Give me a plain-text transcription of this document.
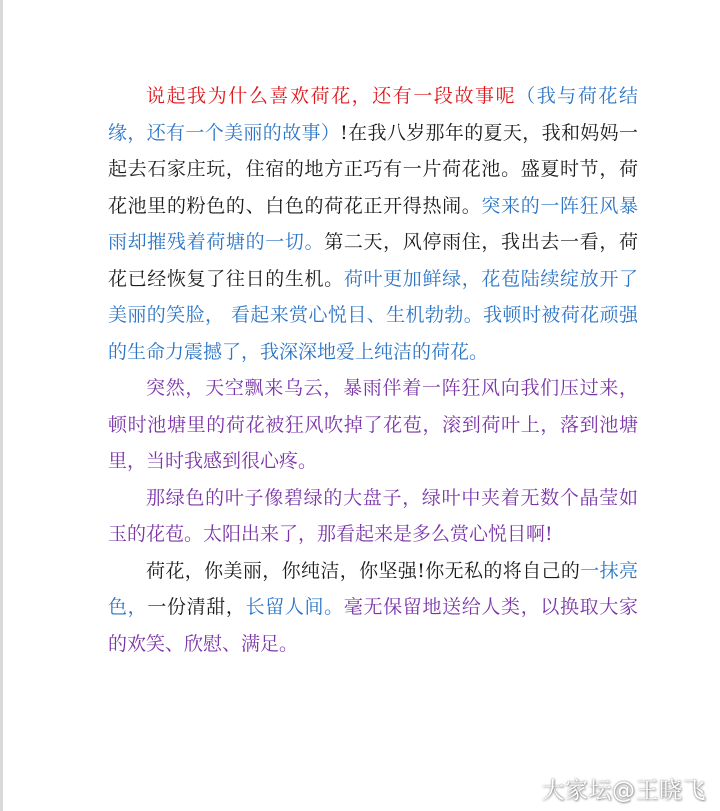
说起我为什么喜欢荷花，还有一段故事呢（我与荷花结缘，还有一个美丽的故事）!在我八岁那年的夏天，我和妈妈一起去石家庄玩，住宿的地方正巧有一片荷花池。盛夏时节，荷花池里的粉色的、白色的荷花正开得热闹。突来的一阵狂风暴雨却摧残着荷塘的一切。第二天，风停雨住，我出去一看，荷花已经恢复了往日的生机。荷叶更加鲜绿，花苞陆续绽放开了美丽的笑脸， 看起来赏心悦目、生机勃勃。我顿时被荷花顽强的生命力震撼了，我深深地爱上纯洁的荷花。

突然，天空飘来乌云，暴雨伴着一阵狂风向我们压过来，顿时池塘里的荷花被狂风吹掉了花苞，滚到荷叶上，落到池塘里，当时我感到很心疼。

那绿色的叶子像碧绿的大盘子，绿叶中夹着无数个晶莹如玉的花苞。太阳出来了，那看起来是多么赏心悦目啊!

荷花，你美丽，你纯洁，你坚强!你无私的将自己的一抹亮色，一份清甜，长留人间。毫无保留地送给人类，以换取大家的欢笑、欣慰、满足。

大家坛@王晓飞
